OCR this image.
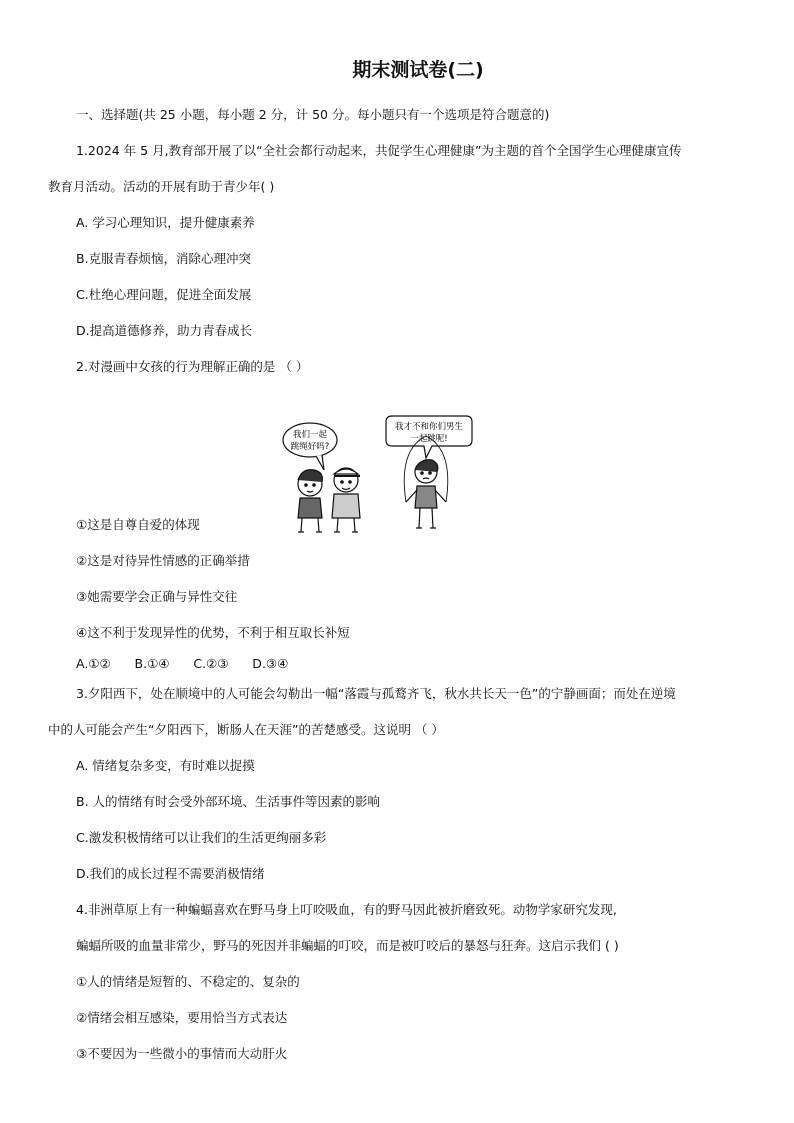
期末测试卷(二)
一、选择题(共 25 小题，每小题 2 分，计 50 分。每小题只有一个选项是符合题意的)
1.2024 年 5 月,教育部开展了以“全社会都行动起来，共促学生心理健康”为主题的首个全国学生心理健康宣传
教育月活动。活动的开展有助于青少年( )
A. 学习心理知识，提升健康素养
B.克服青春烦恼，消除心理冲突
C.杜绝心理问题，促进全面发展
D.提高道德修养，助力青春成长
2.对漫画中女孩的行为理解正确的是 （ ）
我们一起
跳绳好吗?
我才不和你们男生
一起跳呢!
①这是自尊自爱的体现
②这是对待异性情感的正确举措
③她需要学会正确与异性交往
④这不利于发现异性的优势，不利于相互取长补短
A.①②      B.①④      C.②③      D.③④
3.夕阳西下，处在顺境中的人可能会勾勒出一幅“落霞与孤鹜齐飞，秋水共长天一色”的宁静画面；而处在逆境
中的人可能会产生“夕阳西下，断肠人在天涯”的苦楚感受。这说明 （ ）
A. 情绪复杂多变，有时难以捉摸
B. 人的情绪有时会受外部环境、生活事件等因素的影响
C.激发积极情绪可以让我们的生活更绚丽多彩
D.我们的成长过程不需要消极情绪
4.非洲草原上有一种蝙蝠喜欢在野马身上叮咬吸血，有的野马因此被折磨致死。动物学家研究发现,
蝙蝠所吸的血量非常少，野马的死因并非蝙蝠的叮咬，而是被叮咬后的暴怒与狂奔。这启示我们 ( )
①人的情绪是短暂的、不稳定的、复杂的
②情绪会相互感染，要用恰当方式表达
③不要因为一些微小的事情而大动肝火
